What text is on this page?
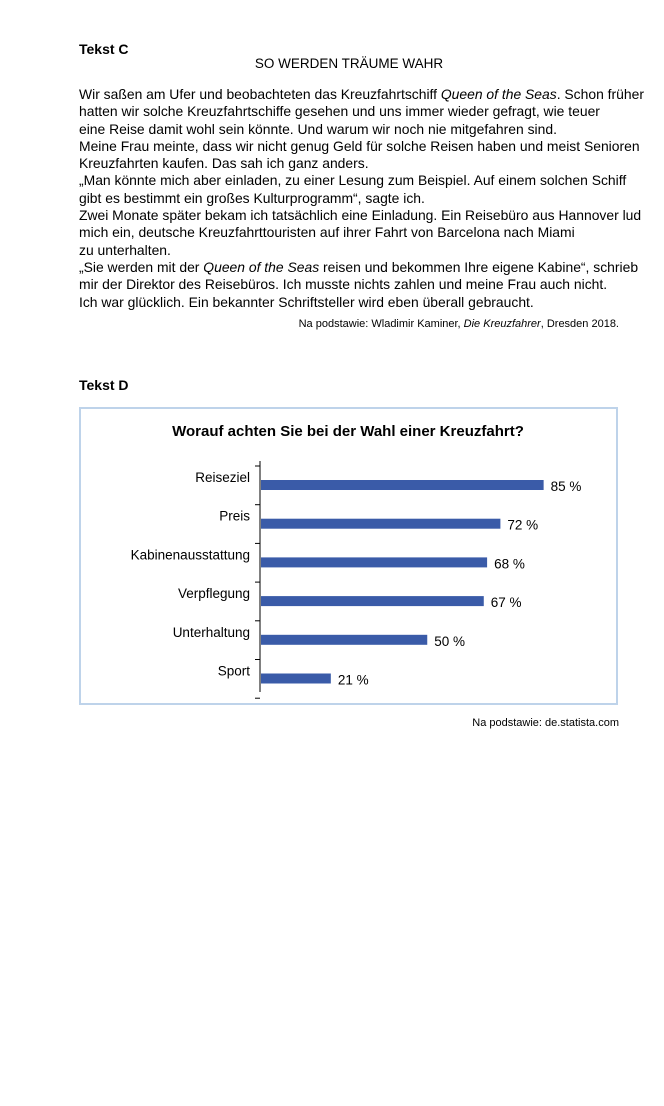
Tekst C
SO WERDEN TRÄUME WAHR
Wir saßen am Ufer und beobachteten das Kreuzfahrtschiff Queen of the Seas. Schon früher
hatten wir solche Kreuzfahrtschiffe gesehen und uns immer wieder gefragt, wie teuer
eine Reise damit wohl sein könnte. Und warum wir noch nie mitgefahren sind.
Meine Frau meinte, dass wir nicht genug Geld für solche Reisen haben und meist Senioren
Kreuzfahrten kaufen. Das sah ich ganz anders.
„Man könnte mich aber einladen, zu einer Lesung zum Beispiel. Auf einem solchen Schiff
gibt es bestimmt ein großes Kulturprogramm“, sagte ich.
Zwei Monate später bekam ich tatsächlich eine Einladung. Ein Reisebüro aus Hannover lud
mich ein, deutsche Kreuzfahrttouristen auf ihrer Fahrt von Barcelona nach Miami
zu unterhalten.
„Sie werden mit der Queen of the Seas reisen und bekommen Ihre eigene Kabine“, schrieb
mir der Direktor des Reisebüros. Ich musste nichts zahlen und meine Frau auch nicht.
Ich war glücklich. Ein bekannter Schriftsteller wird eben überall gebraucht.
Na podstawie: Wladimir Kaminer, Die Kreuzfahrer, Dresden 2018.
Tekst D
Worauf achten Sie bei der Wahl einer Kreuzfahrt?
Reiseziel
85 %
Preis
72 %
Kabinenausstattung
68 %
Verpflegung
67 %
Unterhaltung
50 %
Sport
21 %
Na podstawie: de.statista.com
